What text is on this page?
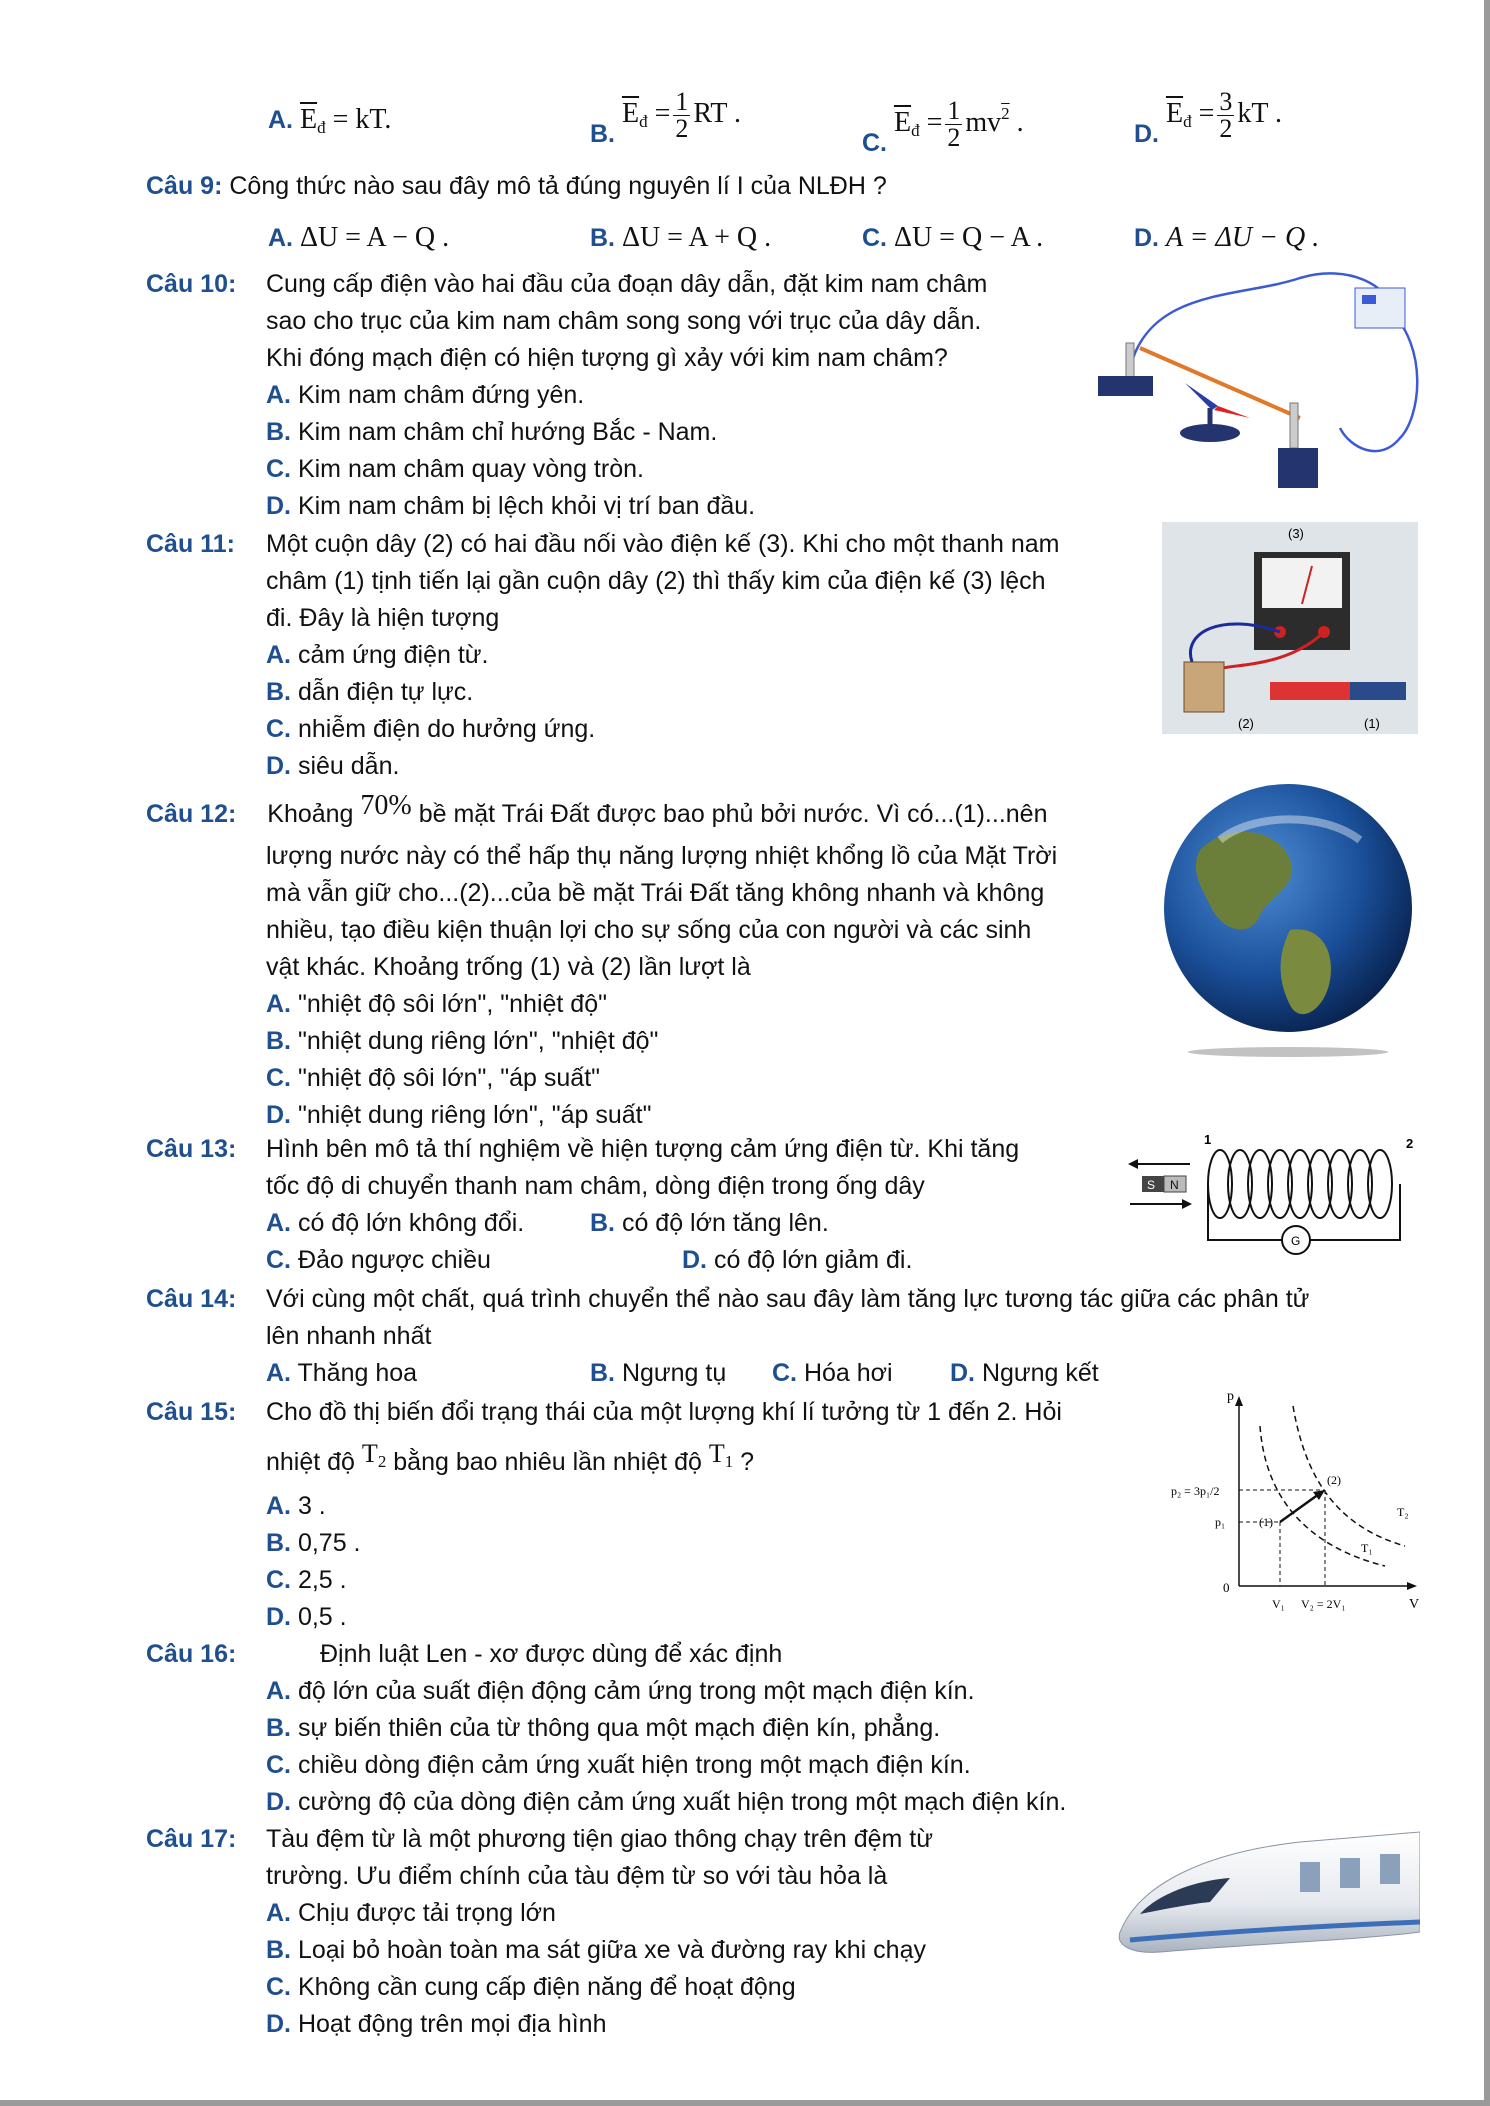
A. $\overline{E}_đ$ = kT.	B. $\overline{E}_đ = \frac{1}{2}$ RT .
C. $\overline{E}_đ = \frac{1}{2} mv^2$ .	D. $\overline{E}_đ = \frac{3}{2}$ kT .
Câu 9: Công thức nào sau đây mô tả đúng nguyên lí I của NLĐH ?
A. ΔU = A − Q .	B. ΔU = A + Q .	C. ΔU = Q − A .	D. A = ΔU − Q .
Câu 10: Cung cấp điện vào hai đầu của đoạn dây dẫn, đặt kim nam châm
sao cho trục của kim nam châm song song với trục của dây dẫn.
Khi đóng mạch điện có hiện tượng gì xảy với kim nam châm?
A. Kim nam châm đứng yên.
B. Kim nam châm chỉ hướng Bắc - Nam.
C. Kim nam châm quay vòng tròn.
D. Kim nam châm bị lệch khỏi vị trí ban đầu.
Câu 11: Một cuộn dây (2) có hai đầu nối vào điện kế (3). Khi cho một thanh nam
châm (1) tịnh tiến lại gần cuộn dây (2) thì thấy kim của điện kế (3) lệch
đi. Đây là hiện tượng
A. cảm ứng điện từ.
B. dẫn điện tự lực.
C. nhiễm điện do hưởng ứng.
D. siêu dẫn.
(3)
(2)	(1)
Câu 12: Khoảng 70% bề mặt Trái Đất được bao phủ bởi nước. Vì có...(1)...nên
lượng nước này có thể hấp thụ năng lượng nhiệt khổng lồ của Mặt Trời
mà vẫn giữ cho...(2)...của bề mặt Trái Đất tăng không nhanh và không
nhiều, tạo điều kiện thuận lợi cho sự sống của con người và các sinh
vật khác. Khoảng trống (1) và (2) lần lượt là
A. "nhiệt độ sôi lớn", "nhiệt độ"
B. "nhiệt dung riêng lớn", "nhiệt độ"
C. "nhiệt độ sôi lớn", "áp suất"
D. "nhiệt dung riêng lớn", "áp suất"
Câu 13: Hình bên mô tả thí nghiệm về hiện tượng cảm ứng điện từ. Khi tăng
tốc độ di chuyển thanh nam châm, dòng điện trong ống dây
A. có độ lớn không đổi.	B. có độ lớn tăng lên.
C. Đảo ngược chiều	D. có độ lớn giảm đi.
S N
G
1	2
Câu 14: Với cùng một chất, quá trình chuyển thể nào sau đây làm tăng lực tương tác giữa các phân tử
lên nhanh nhất
A. Thăng hoa	B. Ngưng tụ C. Hóa hơi D. Ngưng kết
Câu 15: Cho đồ thị biến đổi trạng thái của một lượng khí lí tưởng từ 1 đến 2. Hỏi
nhiệt độ $T_2$ bằng bao nhiêu lần nhiệt độ $T_1$ ?
A. 3 .
B. 0,75 .
C. 2,5 .
D. 0,5 .
p
V
0
p₂ = 3p₁/2
p₁
V₁ V₂ = 2V₁
(1)
(2)
T₂
T₁
Câu 16:	Định luật Len - xơ được dùng để xác định
A. độ lớn của suất điện động cảm ứng trong một mạch điện kín.
B. sự biến thiên của từ thông qua một mạch điện kín, phẳng.
C. chiều dòng điện cảm ứng xuất hiện trong một mạch điện kín.
D. cường độ của dòng điện cảm ứng xuất hiện trong một mạch điện kín.
Câu 17: Tàu đệm từ là một phương tiện giao thông chạy trên đệm từ
trường. Ưu điểm chính của tàu đệm từ so với tàu hỏa là
A. Chịu được tải trọng lớn
B. Loại bỏ hoàn toàn ma sát giữa xe và đường ray khi chạy
C. Không cần cung cấp điện năng để hoạt động
D. Hoạt động trên mọi địa hình
